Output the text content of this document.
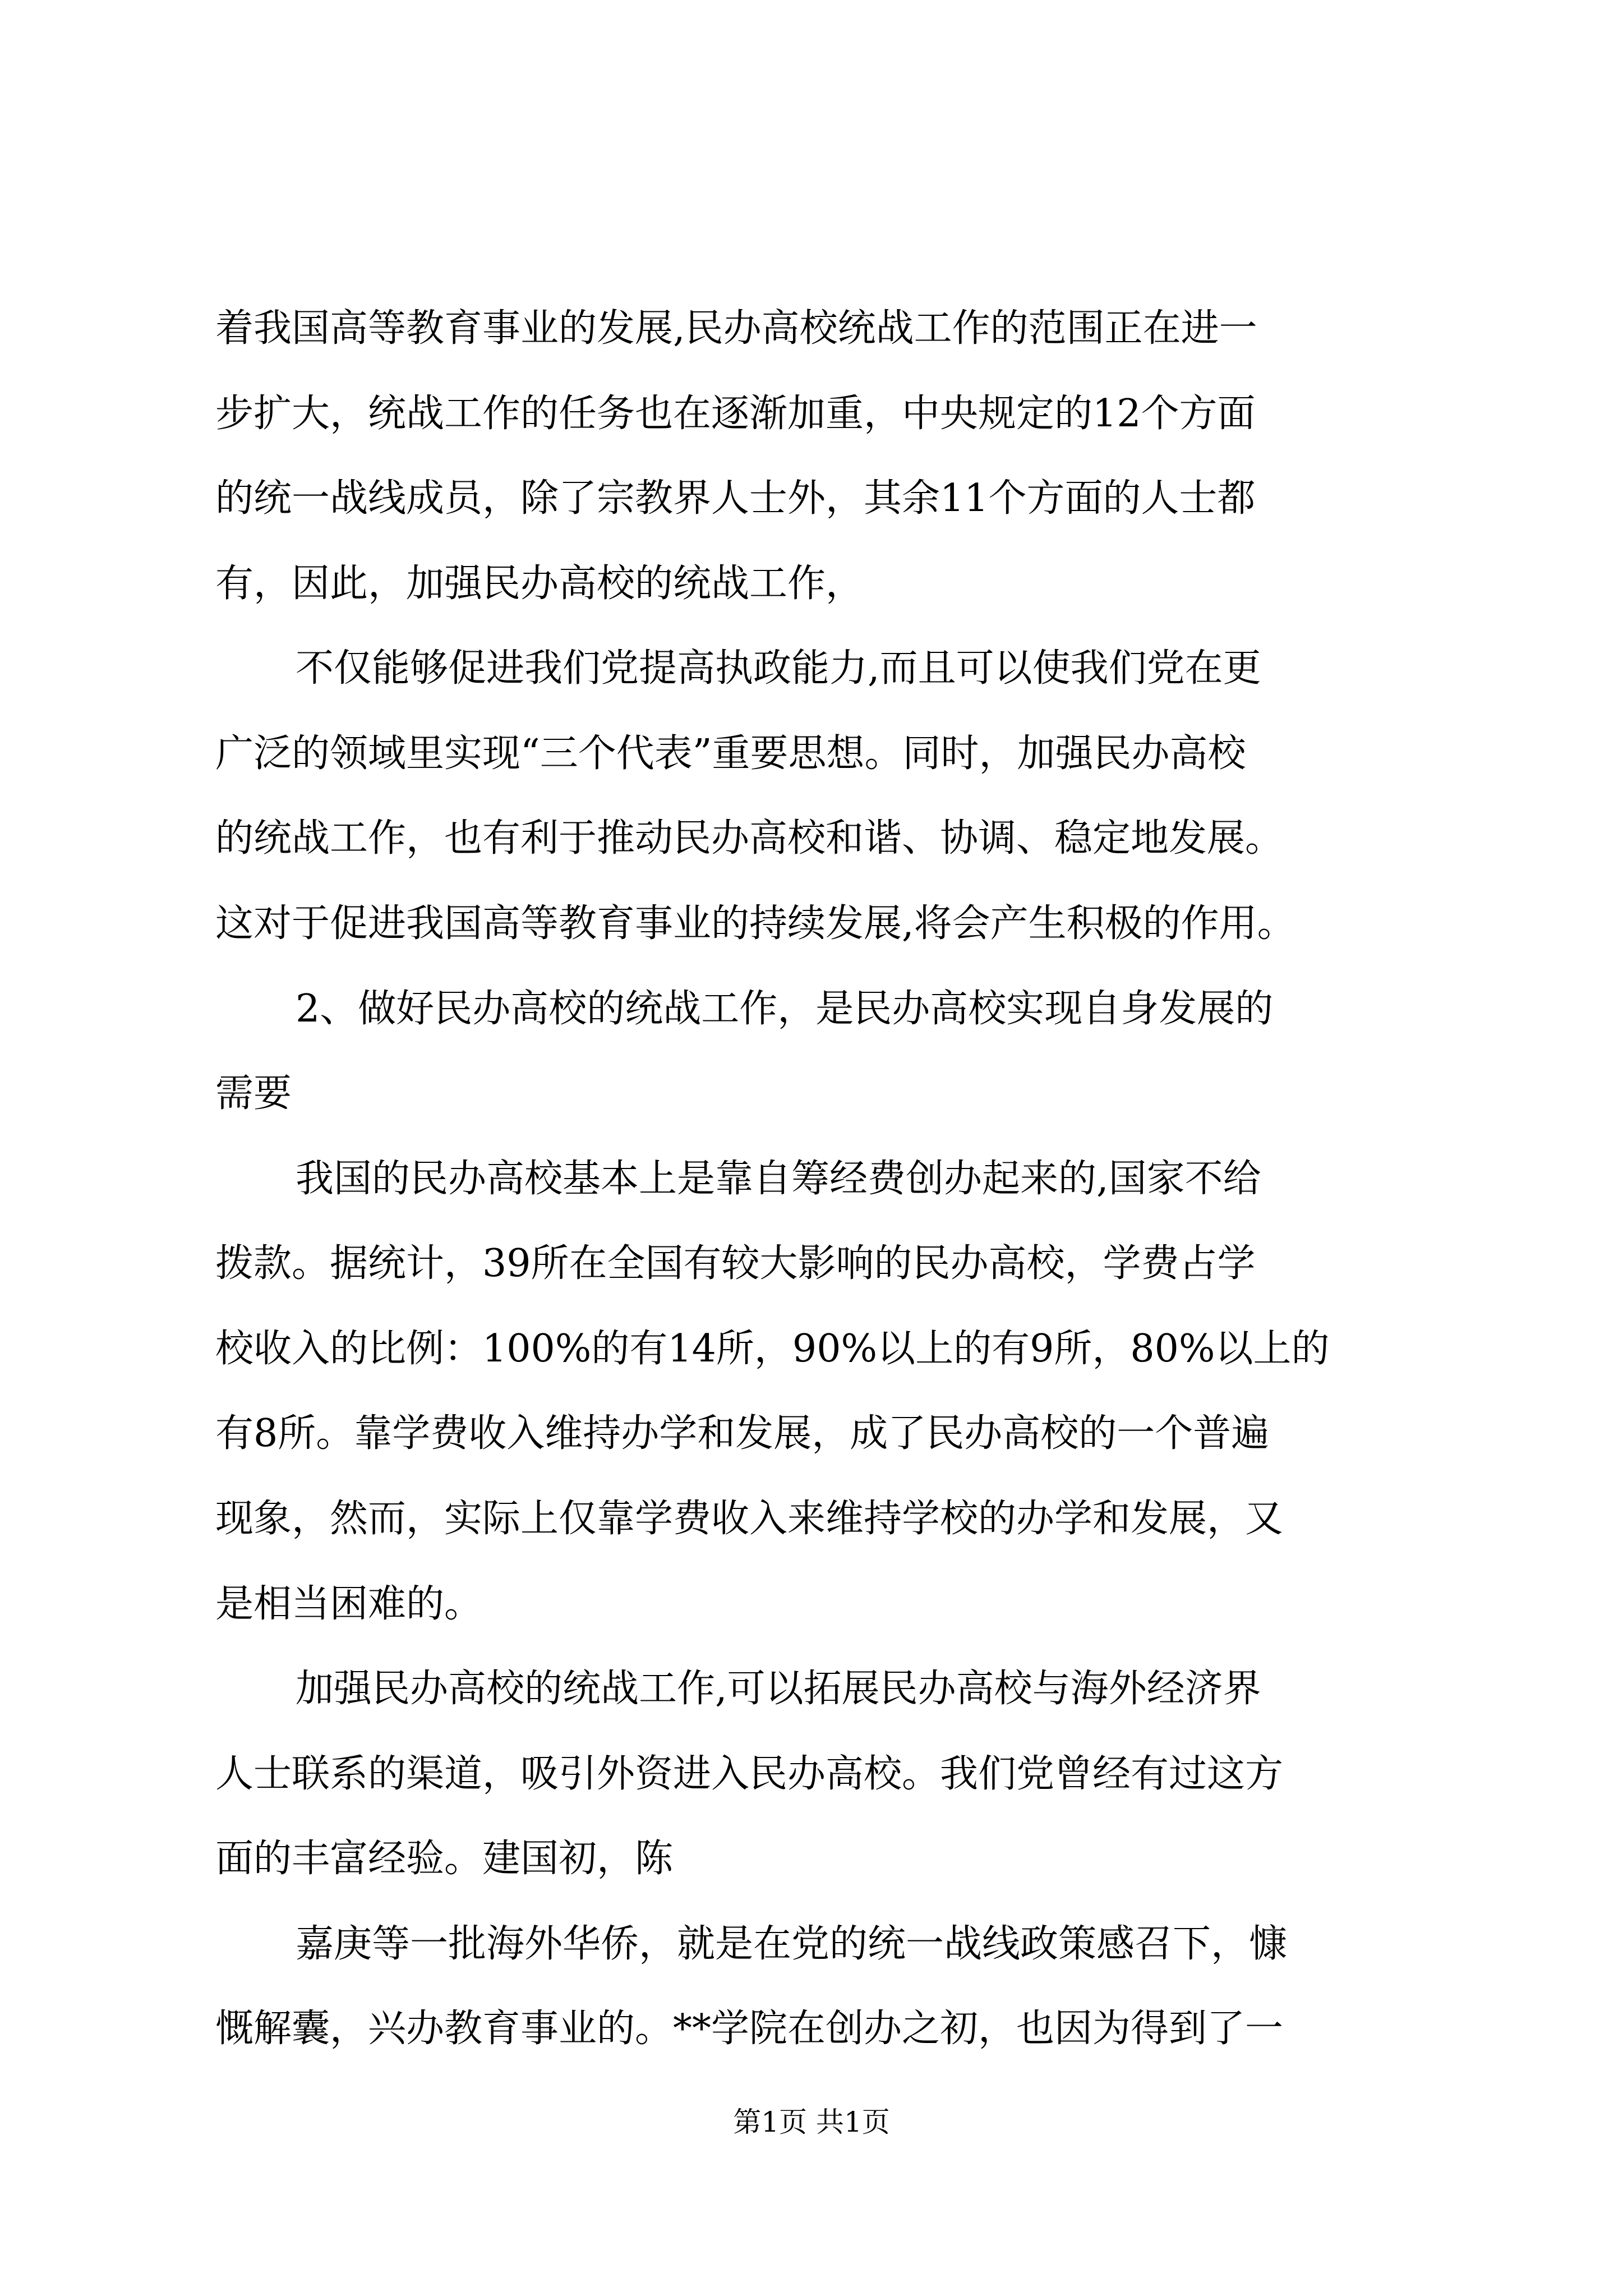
着我国高等教育事业的发展,民办高校统战工作的范围正在进一
步扩大，统战工作的任务也在逐渐加重，中央规定的12个方面
的统一战线成员，除了宗教界人士外，其余11个方面的人士都
有，因此，加强民办高校的统战工作，
不仅能够促进我们党提高执政能力,而且可以使我们党在更
广泛的领域里实现“三个代表”重要思想。同时，加强民办高校
的统战工作，也有利于推动民办高校和谐、协调、稳定地发展。
这对于促进我国高等教育事业的持续发展,将会产生积极的作用。
2、做好民办高校的统战工作，是民办高校实现自身发展的
需要
我国的民办高校基本上是靠自筹经费创办起来的,国家不给
拨款。据统计，39所在全国有较大影响的民办高校，学费占学
校收入的比例：100%的有14所，90%以上的有9所，80%以上的
有8所。靠学费收入维持办学和发展，成了民办高校的一个普遍
现象，然而，实际上仅靠学费收入来维持学校的办学和发展，又
是相当困难的。
加强民办高校的统战工作,可以拓展民办高校与海外经济界
人士联系的渠道，吸引外资进入民办高校。我们党曾经有过这方
面的丰富经验。建国初，陈
嘉庚等一批海外华侨，就是在党的统一战线政策感召下，慷
慨解囊，兴办教育事业的。**学院在创办之初，也因为得到了一
第1页 共1页
